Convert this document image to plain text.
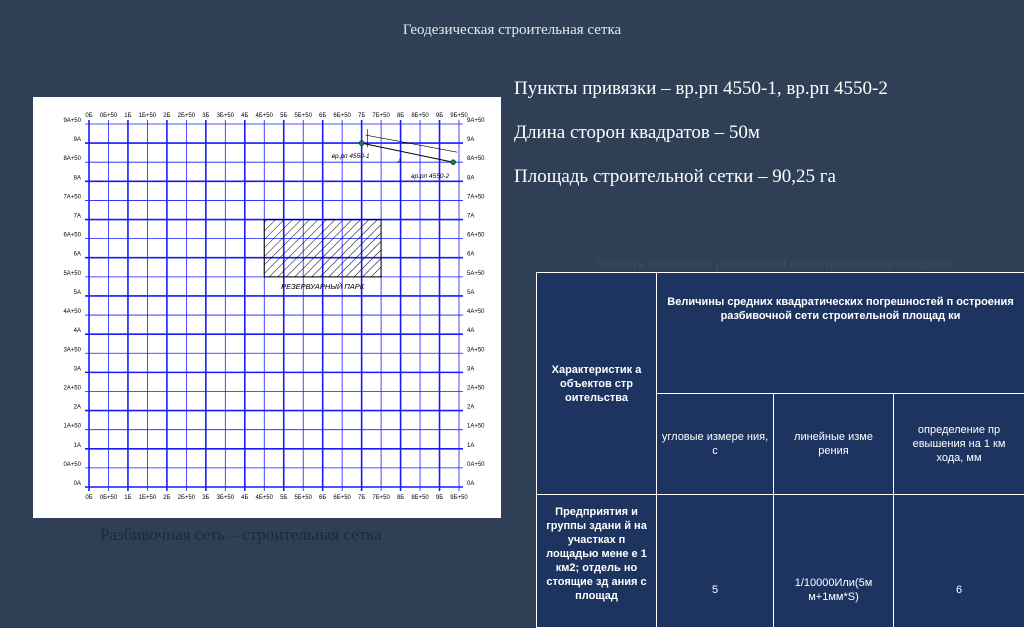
Геодезическая строительная сетка
0Б
0Б
0Б+50
0Б+50
1Б
1Б
1Б+50
1Б+50
2Б
2Б
2Б+50
2Б+50
3Б
3Б
3Б+50
3Б+50
4Б
4Б
4Б+50
4Б+50
5Б
5Б
5Б+50
5Б+50
6Б
6Б
6Б+50
6Б+50
7Б
7Б
7Б+50
7Б+50
8Б
8Б
8Б+50
8Б+50
9Б
9Б
9Б+50
9Б+50
9А+50	9А+50
9А	9А
8А+50	8А+50
8А	8А
7А+50	7А+50
7А	7А
6А+50	6А+50
6А	6А
5А+50	5А+50
5А	5А
4А+50	4А+50
4А	4А
3А+50	3А+50
3А	3А
2А+50	2А+50
2А	2А
1А+50	1А+50
1А	1А
0А+50	0А+50
0А	0А
РЕЗЕРВУАРНЫЙ ПАРК
вр.рп 4550-1
вр.рп 4550-2
А
Разбивочная сеть – строительная сетка
Пункты привязки – вр.рп 4550-1, вр.рп 4550-2
Длина сторон квадратов – 50м
Площадь строительной сетки – 90,25 га
Точность построения разбивочной сети строительной площадки
Характеристик а объектов стр оительства	Величины средних квадратических погрешностей п остроения разбивочной сети строительной площад ки		
	угловые измере ния, с	линейные изме рения	определение пр евышения на 1 км хода, мм
Предприятия и группы здани й на участках п лощадью мене е 1 км2; отдель но стоящие зд ания с площад	5	1/10000Или(5м м+1мм*S)	6
